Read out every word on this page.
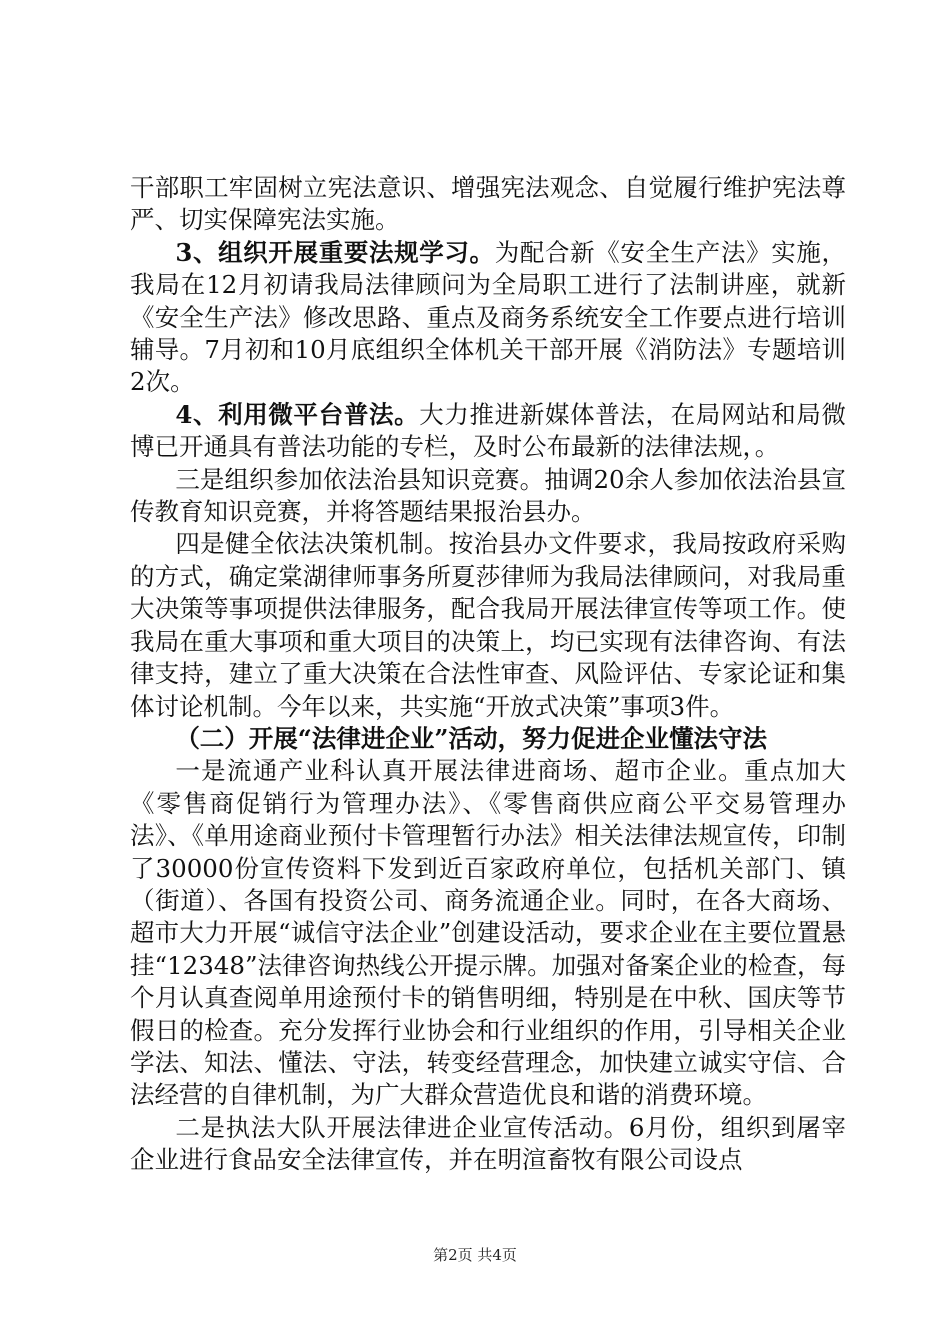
干部职工牢固树立宪法意识、增强宪法观念、自觉履行维护宪法尊严、切实保障宪法实施。

3、组织开展重要法规学习。为配合新《安全生产法》实施，我局在12月初请我局法律顾问为全局职工进行了法制讲座，就新《安全生产法》修改思路、重点及商务系统安全工作要点进行培训辅导。7月初和10月底组织全体机关干部开展《消防法》专题培训2次。

4、利用微平台普法。大力推进新媒体普法，在局网站和局微博已开通具有普法功能的专栏，及时公布最新的法律法规，。

三是组织参加依法治县知识竞赛。抽调20余人参加依法治县宣传教育知识竞赛，并将答题结果报治县办。

四是健全依法决策机制。按治县办文件要求，我局按政府采购的方式，确定棠湖律师事务所夏莎律师为我局法律顾问，对我局重大决策等事项提供法律服务，配合我局开展法律宣传等项工作。使我局在重大事项和重大项目的决策上，均已实现有法律咨询、有法律支持，建立了重大决策在合法性审查、风险评估、专家论证和集体讨论机制。今年以来，共实施“开放式决策”事项3件。

（二）开展“法律进企业”活动，努力促进企业懂法守法

一是流通产业科认真开展法律进商场、超市企业。重点加大《零售商促销行为管理办法》、《零售商供应商公平交易管理办法》、《单用途商业预付卡管理暂行办法》相关法律法规宣传，印制了30000份宣传资料下发到近百家政府单位，包括机关部门、镇（街道）、各国有投资公司、商务流通企业。同时，在各大商场、超市大力开展“诚信守法企业”创建设活动，要求企业在主要位置悬挂“12348”法律咨询热线公开提示牌。加强对备案企业的检查，每个月认真查阅单用途预付卡的销售明细，特别是在中秋、国庆等节假日的检查。充分发挥行业协会和行业组织的作用，引导相关企业学法、知法、懂法、守法，转变经营理念，加快建立诚实守信、合法经营的自律机制，为广大群众营造优良和谐的消费环境。

二是执法大队开展法律进企业宣传活动。6月份，组织到屠宰企业进行食品安全法律宣传，并在明渲畜牧有限公司设点

第2页 共4页
